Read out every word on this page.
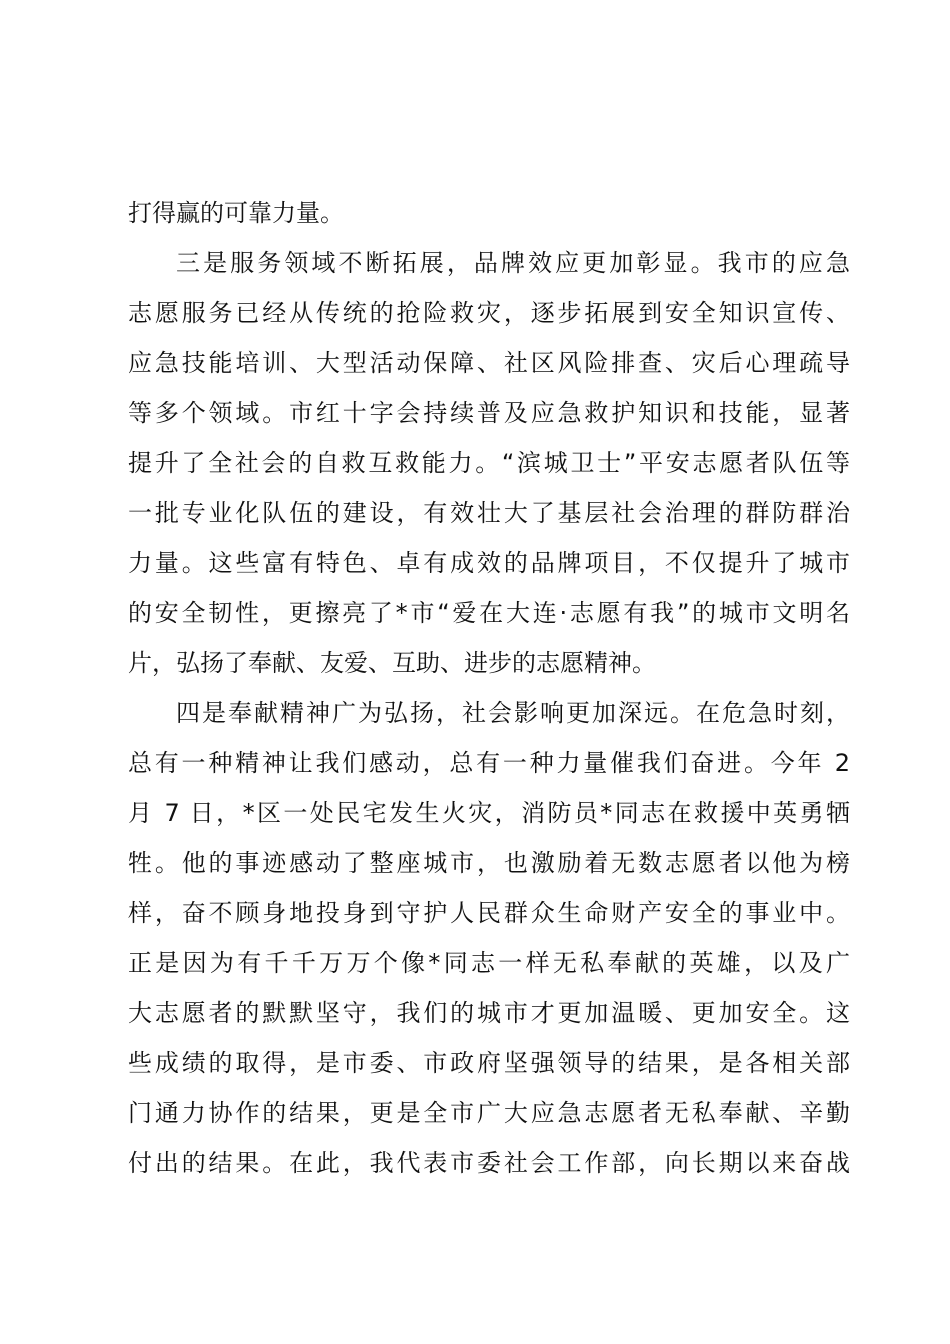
打得赢的可靠力量。
三是服务领域不断拓展，品牌效应更加彰显。我市的应急
志愿服务已经从传统的抢险救灾，逐步拓展到安全知识宣传、
应急技能培训、大型活动保障、社区风险排查、灾后心理疏导
等多个领域。市红十字会持续普及应急救护知识和技能，显著
提升了全社会的自救互救能力。“滨城卫士”平安志愿者队伍等
一批专业化队伍的建设，有效壮大了基层社会治理的群防群治
力量。这些富有特色、卓有成效的品牌项目，不仅提升了城市
的安全韧性，更擦亮了*市“爱在大连·志愿有我”的城市文明名
片，弘扬了奉献、友爱、互助、进步的志愿精神。
四是奉献精神广为弘扬，社会影响更加深远。在危急时刻，
总有一种精神让我们感动，总有一种力量催我们奋进。今年 2
月 7 日，*区一处民宅发生火灾，消防员*同志在救援中英勇牺
牲。他的事迹感动了整座城市，也激励着无数志愿者以他为榜
样，奋不顾身地投身到守护人民群众生命财产安全的事业中。
正是因为有千千万万个像*同志一样无私奉献的英雄，以及广
大志愿者的默默坚守，我们的城市才更加温暖、更加安全。这
些成绩的取得，是市委、市政府坚强领导的结果，是各相关部
门通力协作的结果，更是全市广大应急志愿者无私奉献、辛勤
付出的结果。在此，我代表市委社会工作部，向长期以来奋战
